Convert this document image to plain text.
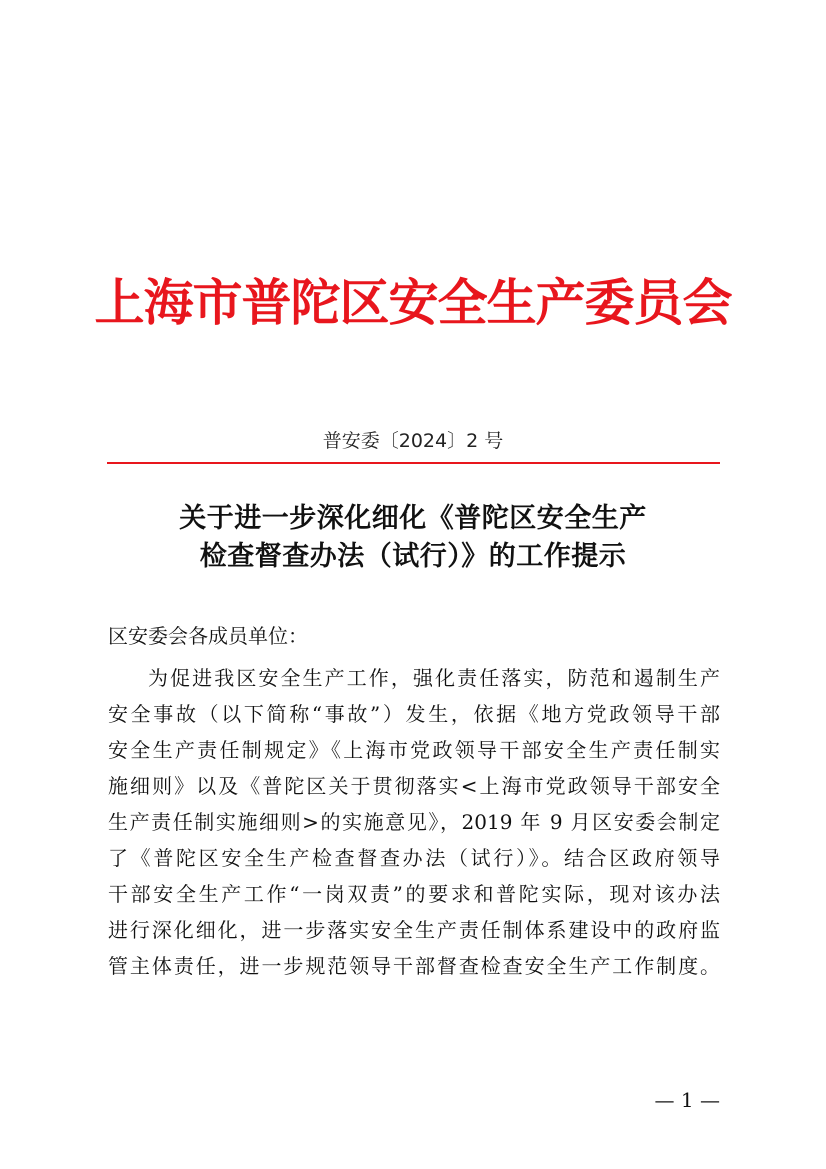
上海市普陀区安全生产委员会
普安委〔2024〕2 号
关于进一步深化细化《普陀区安全生产
检查督查办法（试行）》的工作提示
区安委会各成员单位：
为促进我区安全生产工作，强化责任落实，防范和遏制生产
安全事故（以下简称“事故”）发生，依据《地方党政领导干部
安全生产责任制规定》《上海市党政领导干部安全生产责任制实
施细则》以及《普陀区关于贯彻落实<上海市党政领导干部安全
生产责任制实施细则>的实施意见》，2019 年 9 月区安委会制定
了《普陀区安全生产检查督查办法（试行）》。结合区政府领导
干部安全生产工作“一岗双责”的要求和普陀实际，现对该办法
进行深化细化，进一步落实安全生产责任制体系建设中的政府监
管主体责任，进一步规范领导干部督查检查安全生产工作制度。
— 1 —
